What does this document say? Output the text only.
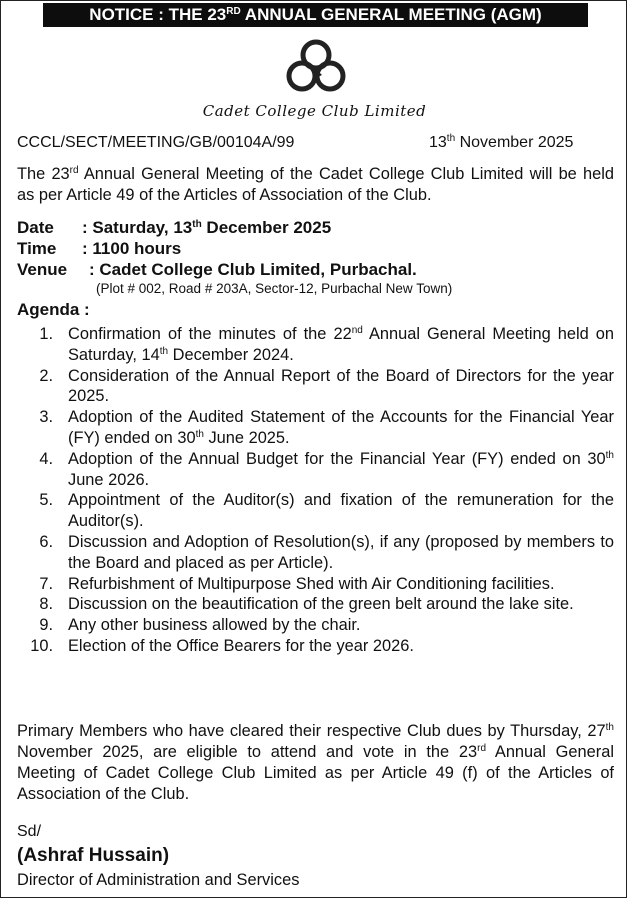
NOTICE : THE 23RD ANNUAL GENERAL MEETING (AGM)
Cadet College Club Limited
CCCL/SECT/MEETING/GB/00104A/99	13th November 2025
The 23rd Annual General Meeting of the Cadet College Club Limited will be held as per Article 49 of the Articles of Association of the Club.
Date : Saturday, 13th December 2025
Time : 1100 hours
Venue : Cadet College Club Limited, Purbachal.
(Plot # 002, Road # 203A, Sector-12, Purbachal New Town)
Agenda :
1 . Confirmation of the minutes of the 22nd Annual General Meeting held on Saturday, 14th December 2024.
2 . Consideration of the Annual Report of the Board of Directors for the year 2025.
3 . Adoption of the Audited Statement of the Accounts for the Financial Year (FY) ended on 30th June 2025.
4 . Adoption of the Annual Budget for the Financial Year (FY) ended on 30th June 2026.
5 . Appointment of the Auditor(s) and fixation of the remuneration for the Auditor(s).
6 . Discussion and Adoption of Resolution(s), if any (proposed by members to the Board and placed as per Article).
7 . Refurbishment of Multipurpose Shed with Air Conditioning facilities.
8 . Discussion on the beautification of the green belt around the lake site.
9 . Any other business allowed by the chair.
10 . Election of the Office Bearers for the year 2026.
Primary Members who have cleared their respective Club dues by Thursday, 27th November 2025, are eligible to attend and vote in the 23rd Annual General Meeting of Cadet College Club Limited as per Article 49 (f) of the Articles of Association of the Club.
Sd/
(Ashraf Hussain)
Director of Administration and Services
